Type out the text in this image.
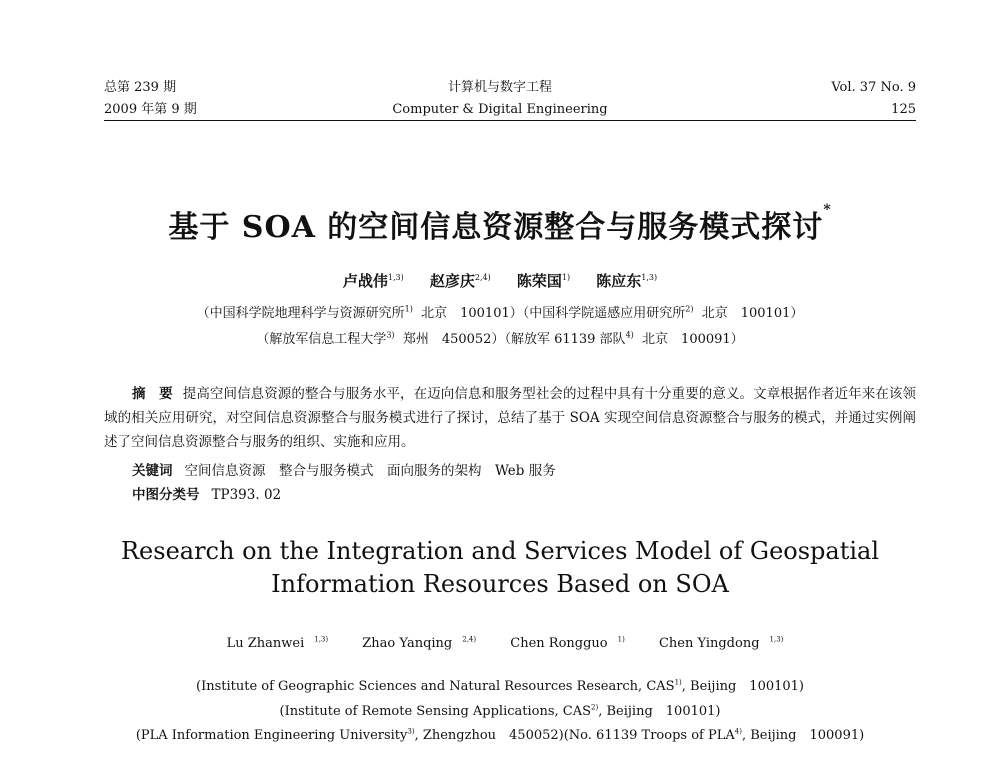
总第 239 期
2009 年第 9 期
计算机与数字工程
Computer & Digital Engineering
Vol. 37 No. 9
125
基于 SOA 的空间信息资源整合与服务模式探讨*
卢战伟$^{1,3)}$ 赵彦庆$^{2,4)}$ 陈荣国$^{1)}$ 陈应东$^{1,3)}$
（中国科学院地理科学与资源研究所$^{1)}$ 北京　100101）（中国科学院遥感应用研究所$^{2)}$ 北京　100101）
（解放军信息工程大学$^{3)}$ 郑州　450052）（解放军 61139 部队$^{4)}$ 北京　100091）
摘　要 提高空间信息资源的整合与服务水平，在迈向信息和服务型社会的过程中具有十分重要的意义。文章根据作者近年来在该领域的相关应用研究，对空间信息资源整合与服务模式进行了探讨，总结了基于 SOA 实现空间信息资源整合与服务的模式，并通过实例阐述了空间信息资源整合与服务的组织、实施和应用。
关键词 空间信息资源　整合与服务模式　面向服务的架构　Web 服务
中图分类号 TP393. 02
Research on the Integration and Services Model of Geospatial
Information Resources Based on SOA
Lu Zhanwei $^{1,3)}$	Zhao Yanqing $^{2,4)}$	Chen Rongguo $^{1)}$	Chen Yingdong $^{1,3)}$
(Institute of Geographic Sciences and Natural Resources Research, CAS$^{1)}$, Beijing　100101)
(Institute of Remote Sensing Applications, CAS$^{2)}$, Beijing　100101)
(PLA Information Engineering University$^{3)}$, Zhengzhou　450052)(No. 61139 Troops of PLA$^{4)}$, Beijing　100091)
